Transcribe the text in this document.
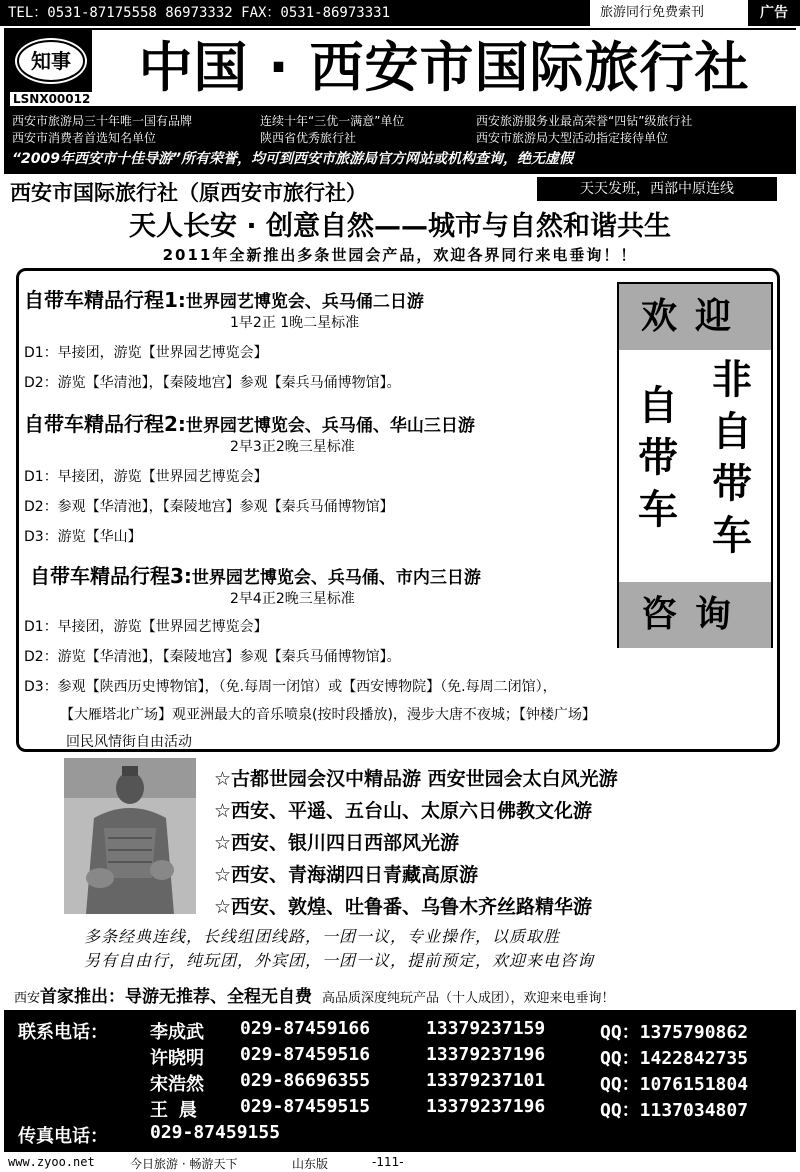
TEL：0531-87175558 86973332 FAX：0531-86973331	旅游同行免费索刊	广告
知事
LSNX00012 中国 · 西安市国际旅行社
西安市旅游局三十年唯一国有品牌	连续十年“三优一满意”单位	西安旅游服务业最高荣誉“四钻”级旅行社
西安市消费者首选知名单位	陕西省优秀旅行社	西安市旅游局大型活动指定接待单位
“2009年西安市十佳导游”所有荣誉，均可到西安市旅游局官方网站或机构查询，绝无虚假
西安市国际旅行社（原西安市旅行社）	天天发班，西部中原连线
天人长安 · 创意自然——城市与自然和谐共生
2011年全新推出多条世园会产品，欢迎各界同行来电垂询！！
自带车精品行程1:世界园艺博览会、兵马俑二日游
1早2正 1晚二星标准
D1：早接团，游览【世界园艺博览会】
D2：游览【华清池】，【秦陵地宫】参观【秦兵马俑博物馆】。
自带车精品行程2:世界园艺博览会、兵马俑、华山三日游
2早3正2晚三星标准
D1：早接团，游览【世界园艺博览会】
D2：参观【华清池】，【秦陵地宫】参观【秦兵马俑博物馆】
D3：游览【华山】
自带车精品行程3:世界园艺博览会、兵马俑、市内三日游
2早4正2晚三星标准
D1：早接团，游览【世界园艺博览会】
D2：游览【华清池】，【秦陵地宫】参观【秦兵马俑博物馆】。
D3：参观【陕西历史博物馆】，（免.每周一闭馆）或【西安博物院】（免.每周二闭馆），
【大雁塔北广场】观亚洲最大的音乐喷泉(按时段播放)，漫步大唐不夜城；【钟楼广场】
回民风情街自由活动
欢迎
自带车
非自带车
咨询
☆古都世园会汉中精品游 西安世园会太白风光游
☆西安、平遥、五台山、太原六日佛教文化游
☆西安、银川四日西部风光游
☆西安、青海湖四日青藏高原游
☆西安、敦煌、吐鲁番、乌鲁木齐丝路精华游
多条经典连线，长线组团线路，一团一议，专业操作，以质取胜
另有自由行，纯玩团，外宾团，一团一议，提前预定，欢迎来电咨询
西安首家推出：导游无推荐、全程无自费 高品质深度纯玩产品（十人成团），欢迎来电垂询！
联系电话： 李成武 029-87459166	13379237159	QQ：1375790862
许晓明 029-87459516	13379237196	QQ：1422842735
宋浩然 029-86696355	13379237101	QQ：1076151804
王 晨 029-87459515	13379237196	QQ：1137034807
传真电话： 029-87459155
www.zyoo.net	今日旅游 · 畅游天下	山东版	-111-
